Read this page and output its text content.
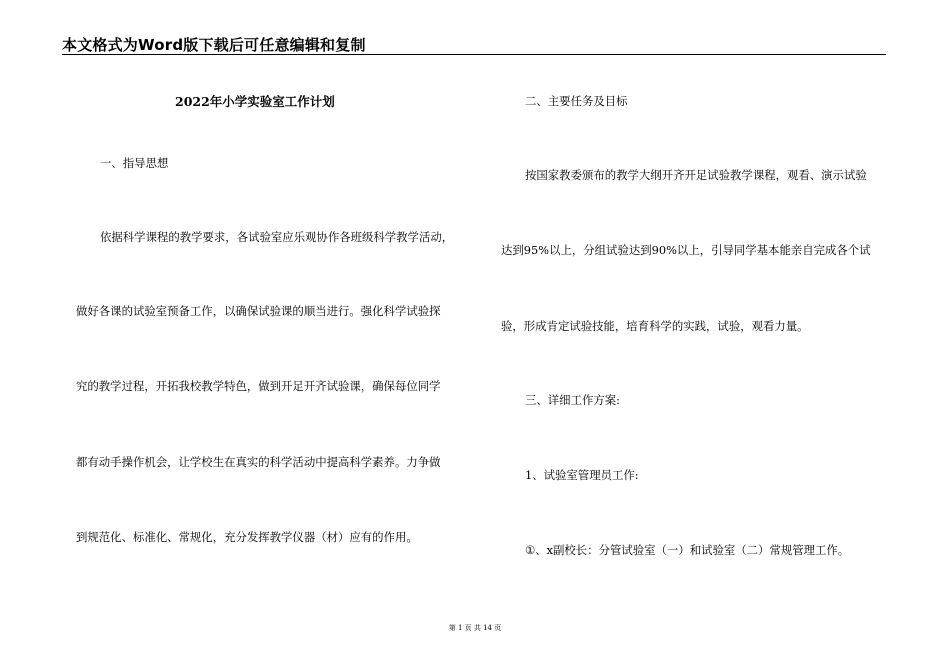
本文格式为Word版下载后可任意编辑和复制
2022年小学实验室工作计划
一、指导思想
依据科学课程的教学要求，各试验室应乐观协作各班级科学教学活动，
做好各课的试验室预备工作，以确保试验课的顺当进行。强化科学试验探
究的教学过程，开拓我校教学特色，做到开足开齐试验课，确保每位同学
都有动手操作机会，让学校生在真实的科学活动中提高科学素养。力争做
到规范化、标准化、常规化，充分发挥教学仪器（材）应有的作用。
二、主要任务及目标
按国家教委颁布的教学大纲开齐开足试验教学课程，观看、演示试验
达到95%以上，分组试验达到90%以上，引导同学基本能亲自完成各个试
验，形成肯定试验技能，培育科学的实践，试验，观看力量。
三、详细工作方案:
1、试验室管理员工作:
①、x副校长：分管试验室（一）和试验室（二）常规管理工作。
第 1 页 共 14 页
